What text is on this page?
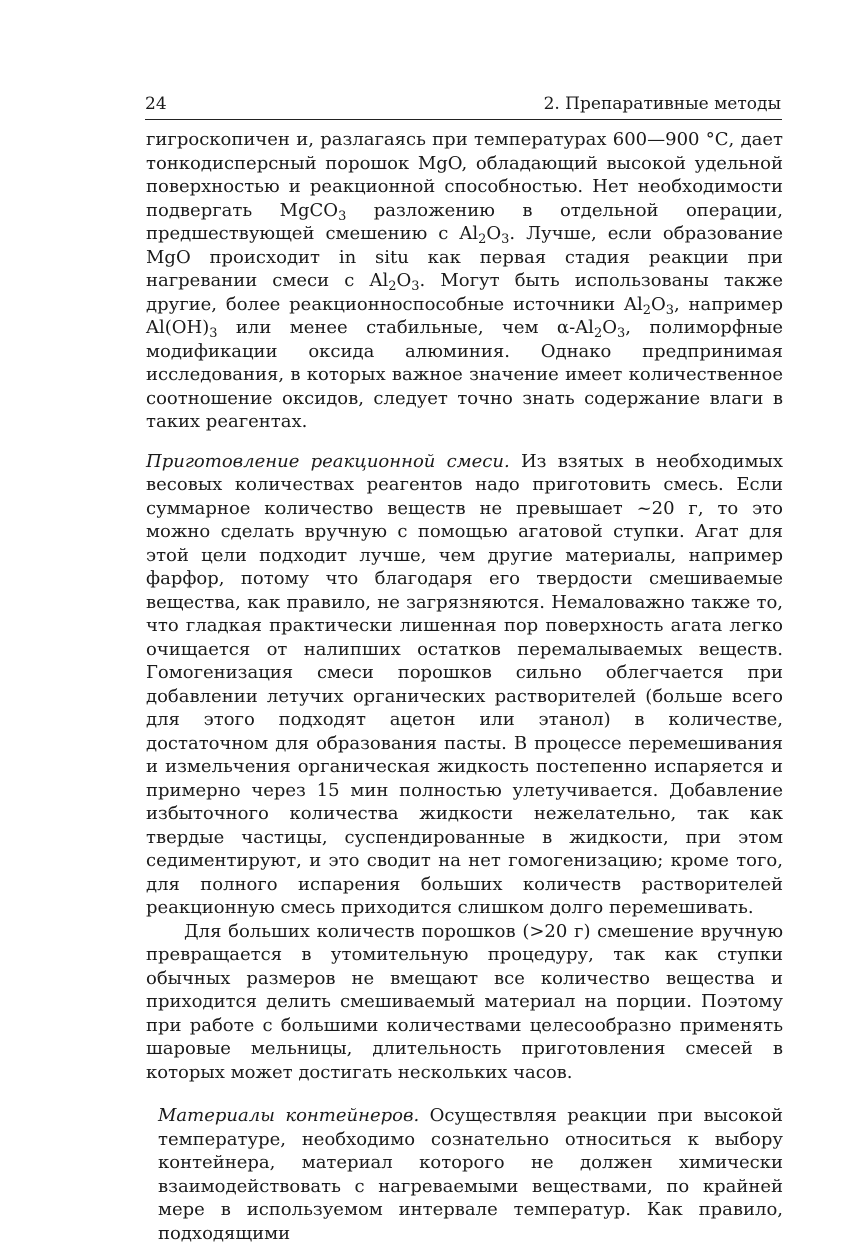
24	2. Препаративные методы

гигроскопичен и, разлагаясь при температурах 600—900 °С, дает тонкодисперсный порошок MgO, обладающий высокой удельной поверхностью и реакционной способностью. Нет необходимости подвергать MgCO$_3$ разложению в отдельной операции, предшествующей смешению с $Al_2O_3$. Лучше, если образование MgO происходит in situ как первая стадия реакции при нагревании смеси с $Al_2O_3$. Могут быть использованы также другие, более реакционноспособные источники $Al_2O_3$, например $Al(OH)_3$ или менее стабильные, чем $\alpha-Al_2O_3$, полиморфные модификации оксида алюминия. Однако предпринимая исследования, в которых важное значение имеет количественное соотношение оксидов, следует точно знать содержание влаги в таких реагентах.

Приготовление реакционной смеси. Из взятых в необходимых весовых количествах реагентов надо приготовить смесь. Если суммарное количество веществ не превышает ~20 г, то это можно сделать вручную с помощью агатовой ступки. Агат для этой цели подходит лучше, чем другие материалы, например фарфор, потому что благодаря его твердости смешиваемые вещества, как правило, не загрязняются. Немаловажно также то, что гладкая практически лишенная пор поверхность агата легко очищается от налипших остатков перемалываемых веществ. Гомогенизация смеси порошков сильно облегчается при добавлении летучих органических растворителей (больше всего для этого подходят ацетон или этанол) в количестве, достаточном для образования пасты. В процессе перемешивания и измельчения органическая жидкость постепенно испаряется и примерно через 15 мин полностью улетучивается. Добавление избыточного количества жидкости нежелательно, так как твердые частицы, суспендированные в жидкости, при этом седиментируют, и это сводит на нет гомогенизацию; кроме того, для полного испарения больших количеств растворителей реакционную смесь приходится слишком долго перемешивать.

Для больших количеств порошков (>20 г) смешение вручную превращается в утомительную процедуру, так как ступки обычных размеров не вмещают все количество вещества и приходится делить смешиваемый материал на порции. Поэтому при работе с большими количествами целесообразно применять шаровые мельницы, длительность приготовления смесей в которых может достигать нескольких часов.

Материалы контейнеров. Осуществляя реакции при высокой температуре, необходимо сознательно относиться к выбору контейнера, материал которого не должен химически взаимодействовать с нагреваемыми веществами, по крайней мере в используемом интервале температур. Как правило, подходящими
